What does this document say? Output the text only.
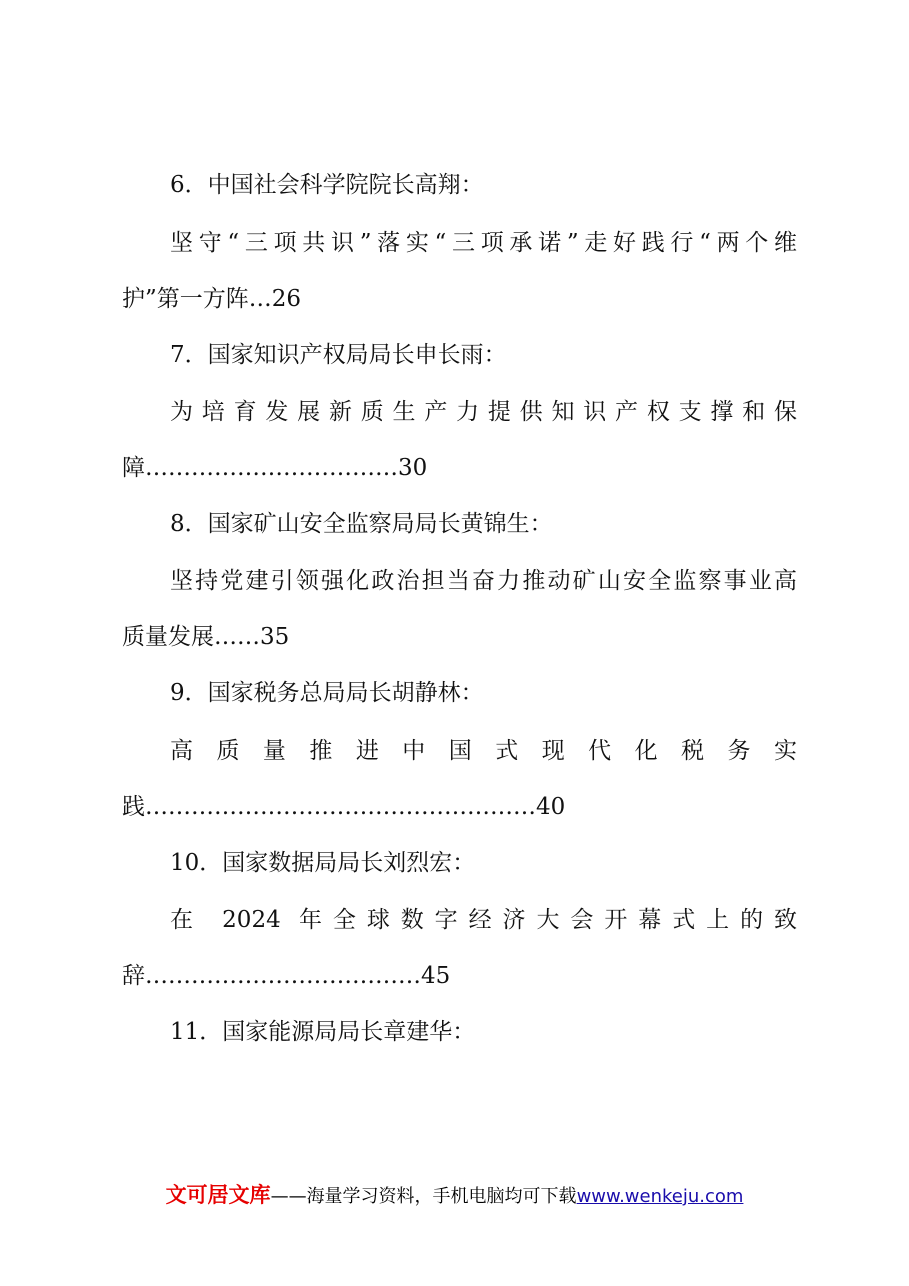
6．中国社会科学院院长高翔：
坚守“三项共识”落实“三项承诺”走好践行“两个维
护”第一方阵…26
7．国家知识产权局局长申长雨：
为培育发展新质生产力提供知识产权支撑和保
障……………………………30
8．国家矿山安全监察局局长黄锦生：
坚持党建引领强化政治担当奋力推动矿山安全监察事业高
质量发展……35
9．国家税务总局局长胡静林：
高质量推进中国式现代化税务实
践……………………………………………40
10．国家数据局局长刘烈宏：
在 2024 年全球数字经济大会开幕式上的致
辞………………………………45
11．国家能源局局长章建华：
文可居文库——海量学习资料，手机电脑均可下载www.wenkeju.com
